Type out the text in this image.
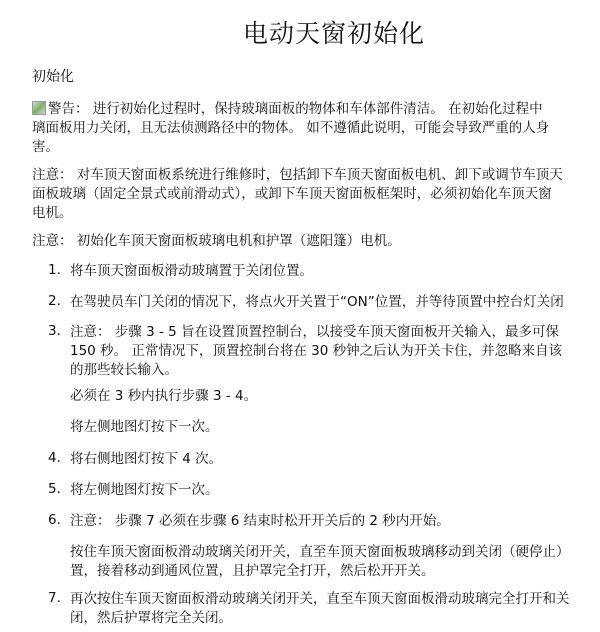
电动天窗初始化
初始化
警告： 进行初始化过程时，保持玻璃面板的物体和车体部件清洁。 在初始化过程中
璃面板用力关闭，且无法侦测路径中的物体。 如不遵循此说明，可能会导致严重的人身
害。
注意： 对车顶天窗面板系统进行维修时，包括卸下车顶天窗面板电机、卸下或调节车顶天
面板玻璃（固定全景式或前滑动式），或卸下车顶天窗面板框架时，必须初始化车顶天窗
电机。
注意： 初始化车顶天窗面板玻璃电机和护罩（遮阳篷）电机。
1. 将车顶天窗面板滑动玻璃置于关闭位置。
2. 在驾驶员车门关闭的情况下，将点火开关置于“ON”位置，并等待顶置中控台灯关闭
3. 注意： 步骤 3 - 5 旨在设置顶置控制台，以接受车顶天窗面板开关输入，最多可保
150 秒。 正常情况下，顶置控制台将在 30 秒钟之后认为开关卡住，并忽略来自该
的那些较长输入。
必须在 3 秒内执行步骤 3 - 4。
将左侧地图灯按下一次。
4. 将右侧地图灯按下 4 次。
5. 将左侧地图灯按下一次。
6. 注意： 步骤 7 必须在步骤 6 结束时松开开关后的 2 秒内开始。
按住车顶天窗面板滑动玻璃关闭开关，直至车顶天窗面板玻璃移动到关闭（硬停止）
置，接着移动到通风位置，且护罩完全打开，然后松开开关。
7. 再次按住车顶天窗面板滑动玻璃关闭开关，直至车顶天窗面板滑动玻璃完全打开和关
闭，然后护罩将完全关闭。
